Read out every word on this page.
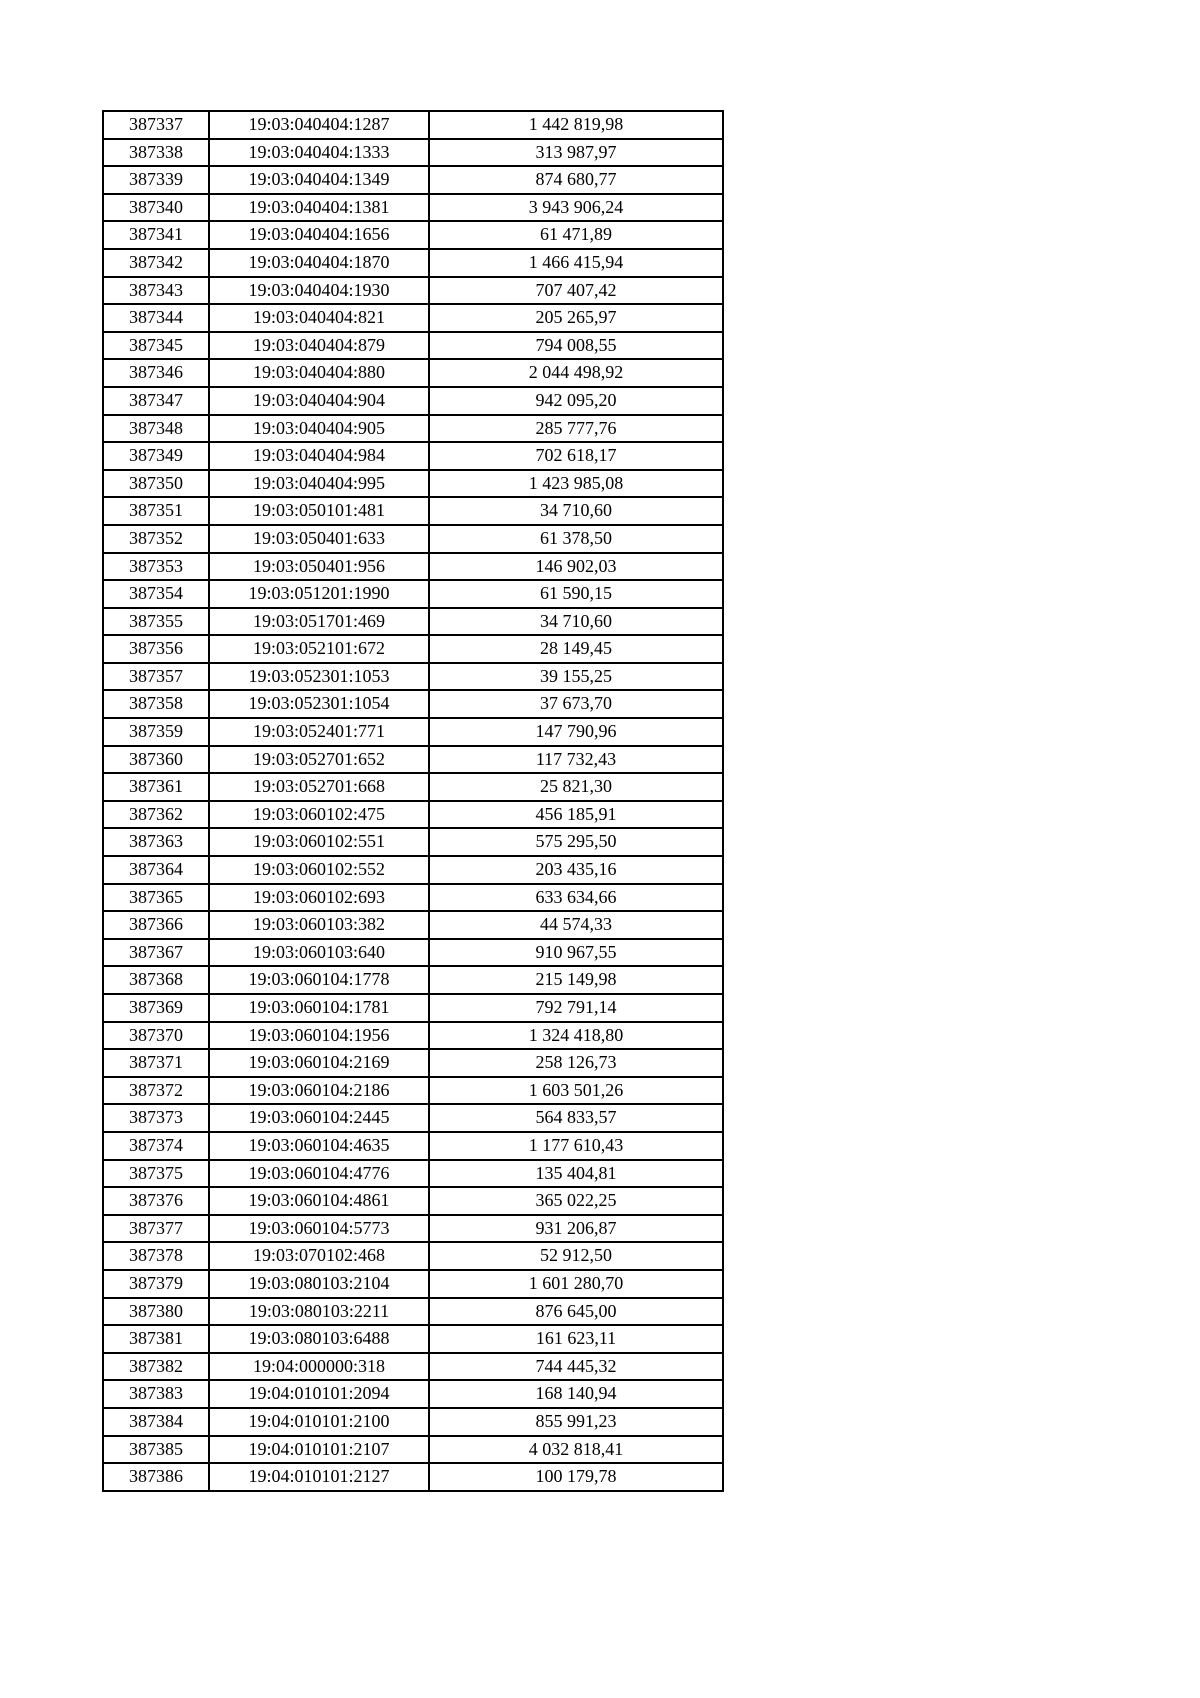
387337	19:03:040404:1287	1 442 819,98
387338	19:03:040404:1333	313 987,97
387339	19:03:040404:1349	874 680,77
387340	19:03:040404:1381	3 943 906,24
387341	19:03:040404:1656	61 471,89
387342	19:03:040404:1870	1 466 415,94
387343	19:03:040404:1930	707 407,42
387344	19:03:040404:821	205 265,97
387345	19:03:040404:879	794 008,55
387346	19:03:040404:880	2 044 498,92
387347	19:03:040404:904	942 095,20
387348	19:03:040404:905	285 777,76
387349	19:03:040404:984	702 618,17
387350	19:03:040404:995	1 423 985,08
387351	19:03:050101:481	34 710,60
387352	19:03:050401:633	61 378,50
387353	19:03:050401:956	146 902,03
387354	19:03:051201:1990	61 590,15
387355	19:03:051701:469	34 710,60
387356	19:03:052101:672	28 149,45
387357	19:03:052301:1053	39 155,25
387358	19:03:052301:1054	37 673,70
387359	19:03:052401:771	147 790,96
387360	19:03:052701:652	117 732,43
387361	19:03:052701:668	25 821,30
387362	19:03:060102:475	456 185,91
387363	19:03:060102:551	575 295,50
387364	19:03:060102:552	203 435,16
387365	19:03:060102:693	633 634,66
387366	19:03:060103:382	44 574,33
387367	19:03:060103:640	910 967,55
387368	19:03:060104:1778	215 149,98
387369	19:03:060104:1781	792 791,14
387370	19:03:060104:1956	1 324 418,80
387371	19:03:060104:2169	258 126,73
387372	19:03:060104:2186	1 603 501,26
387373	19:03:060104:2445	564 833,57
387374	19:03:060104:4635	1 177 610,43
387375	19:03:060104:4776	135 404,81
387376	19:03:060104:4861	365 022,25
387377	19:03:060104:5773	931 206,87
387378	19:03:070102:468	52 912,50
387379	19:03:080103:2104	1 601 280,70
387380	19:03:080103:2211	876 645,00
387381	19:03:080103:6488	161 623,11
387382	19:04:000000:318	744 445,32
387383	19:04:010101:2094	168 140,94
387384	19:04:010101:2100	855 991,23
387385	19:04:010101:2107	4 032 818,41
387386	19:04:010101:2127	100 179,78
